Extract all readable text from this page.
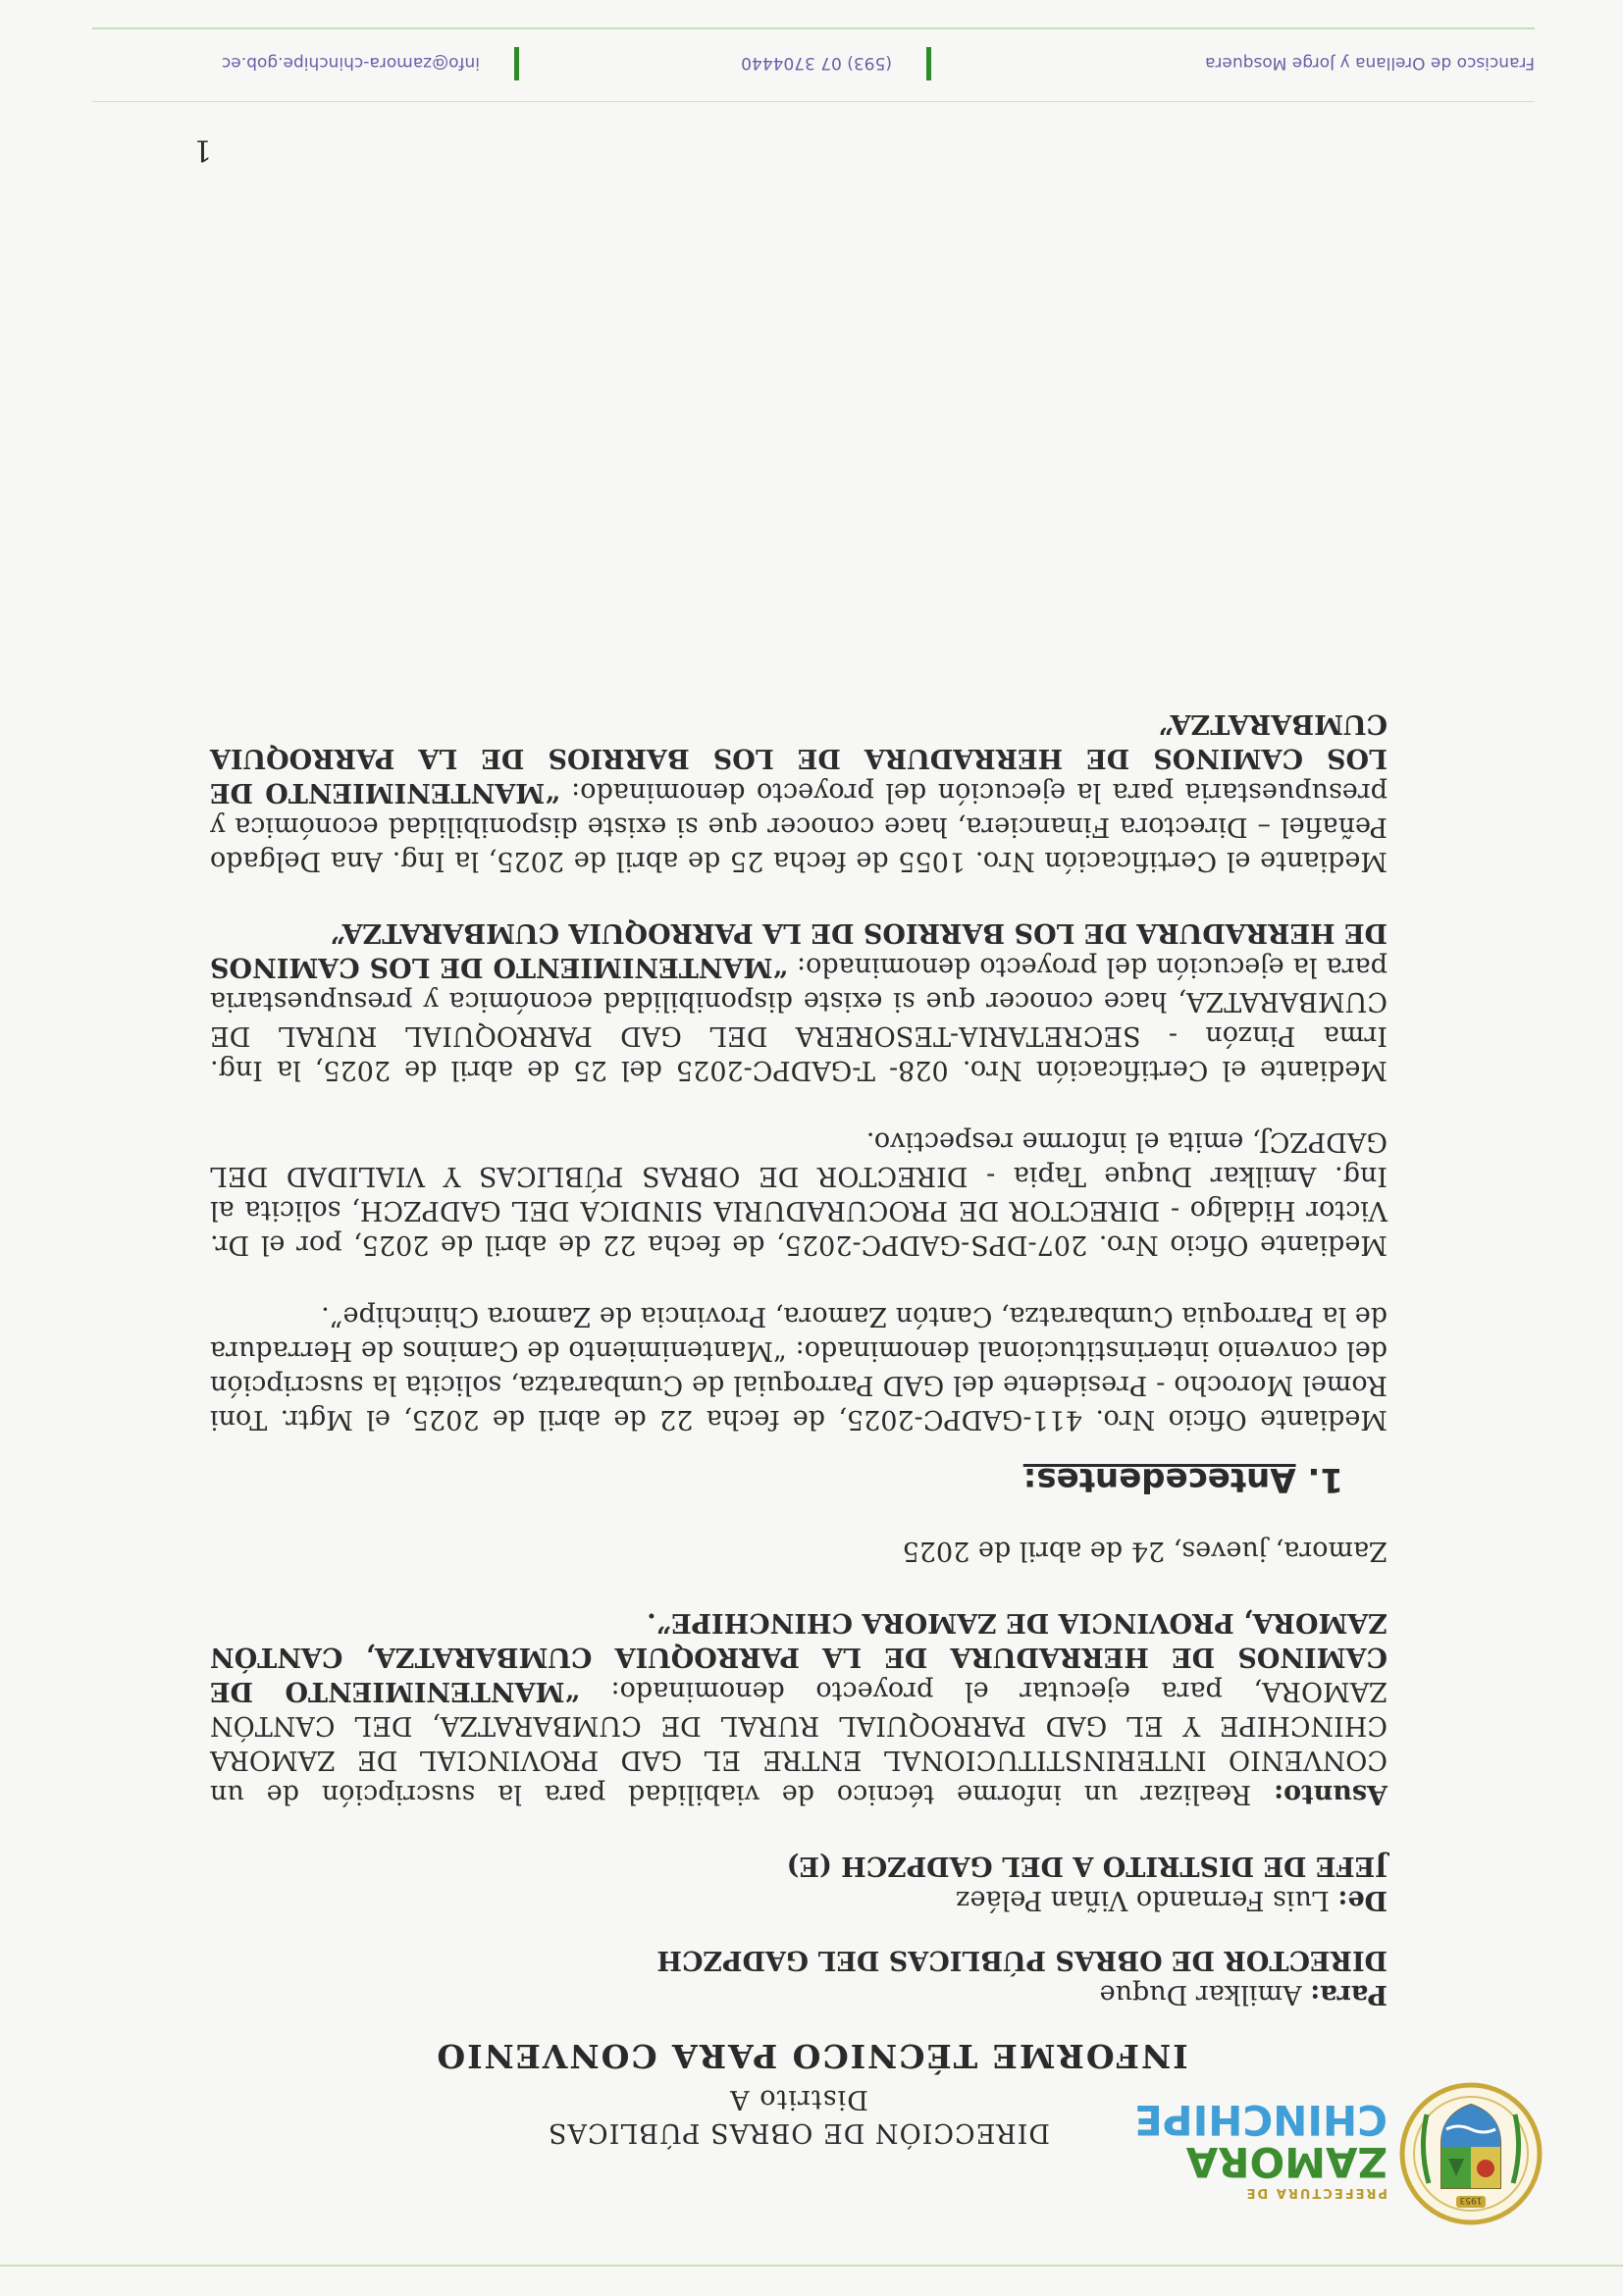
1953
PREFECTURA DE
ZAMORA
CHINCHIPE
DIRECCIÓN DE OBRAS PÚBLICAS
Distrito A
INFORME TÉCNICO PARA CONVENIO

Para: Amilkar Duque

DIRECTOR DE OBRAS PÚBLICAS DEL GADPZCH

De: Luis Fernando Viñan Peláez

JEFE DE DISTRITO A DEL GADPZCH (E)

Asunto: Realizar un informe técnico de viabilidad para la suscripción de un CONVENIO INTERINSTITUCIONAL ENTRE EL GAD PROVINCIAL DE ZAMORA CHINCHIPE Y EL GAD PARROQUIAL RURAL DE CUMBARATZA, DEL CANTÓN ZAMORA, para ejecutar el proyecto denominado: “MANTENIMIENTO DE CAMINOS DE HERRADURA DE LA PARROQUIA CUMBARATZA, CANTÓN ZAMORA, PROVINCIA DE ZAMORA CHINCHIPE”.

Zamora, jueves, 24 de abril de 2025

1. Antecedentes:

Mediante Oficio Nro. 411-GADPC-2025, de fecha 22 de abril de 2025, el Mgtr. Toni Romel Morocho - Presidente del GAD Parroquial de Cumbaratza, solicita la suscripción del convenio interinstitucional denominado: “Mantenimiento de Caminos de Herradura de la Parroquia Cumbaratza, Cantón Zamora, Provincia de Zamora Chinchipe”.

Mediante Oficio Nro. 207-DPS-GADPC-2025, de fecha 22 de abril de 2025, por el Dr. Victor Hidalgo - DIRECTOR DE PROCURADURIA SINDICA DEL GADPZCH, solicita al Ing. Amilkar Duque Tapia - DIRECTOR DE OBRAS PÚBLICAS Y VIALIDAD DEL GADPZCJ, emita el informe respectivo.

Mediante el Certificación Nro. 028- T-GADPC-2025 del 25 de abril de 2025, la Ing. Irma Pinzón - SECRETARIA-TESORERA DEL GAD PARROQUIAL RURAL DE CUMBARATZA, hace conocer que si existe disponibilidad económica y presupuestaria para la ejecución del proyecto denominado: “MANTENIMIENTO DE LOS CAMINOS DE HERRADURA DE LOS BARRIOS DE LA PARROQUIA CUMBARATZA”

Mediante el Certificación Nro. 1055 de fecha 25 de abril de 2025, la Ing. Ana Delgado Peñafiel – Directora Financiera, hace conocer que si existe disponibilidad económica y presupuestaria para la ejecución del proyecto denominado: “MANTENIMIENTO DE LOS CAMINOS DE HERRADURA DE LOS BARRIOS DE LA PARROQUIA CUMBARATZA”

1
Francisco de Orellana y Jorge Mosquera
(593) 07 3704440
info@zamora-chinchipe.gob.ec
